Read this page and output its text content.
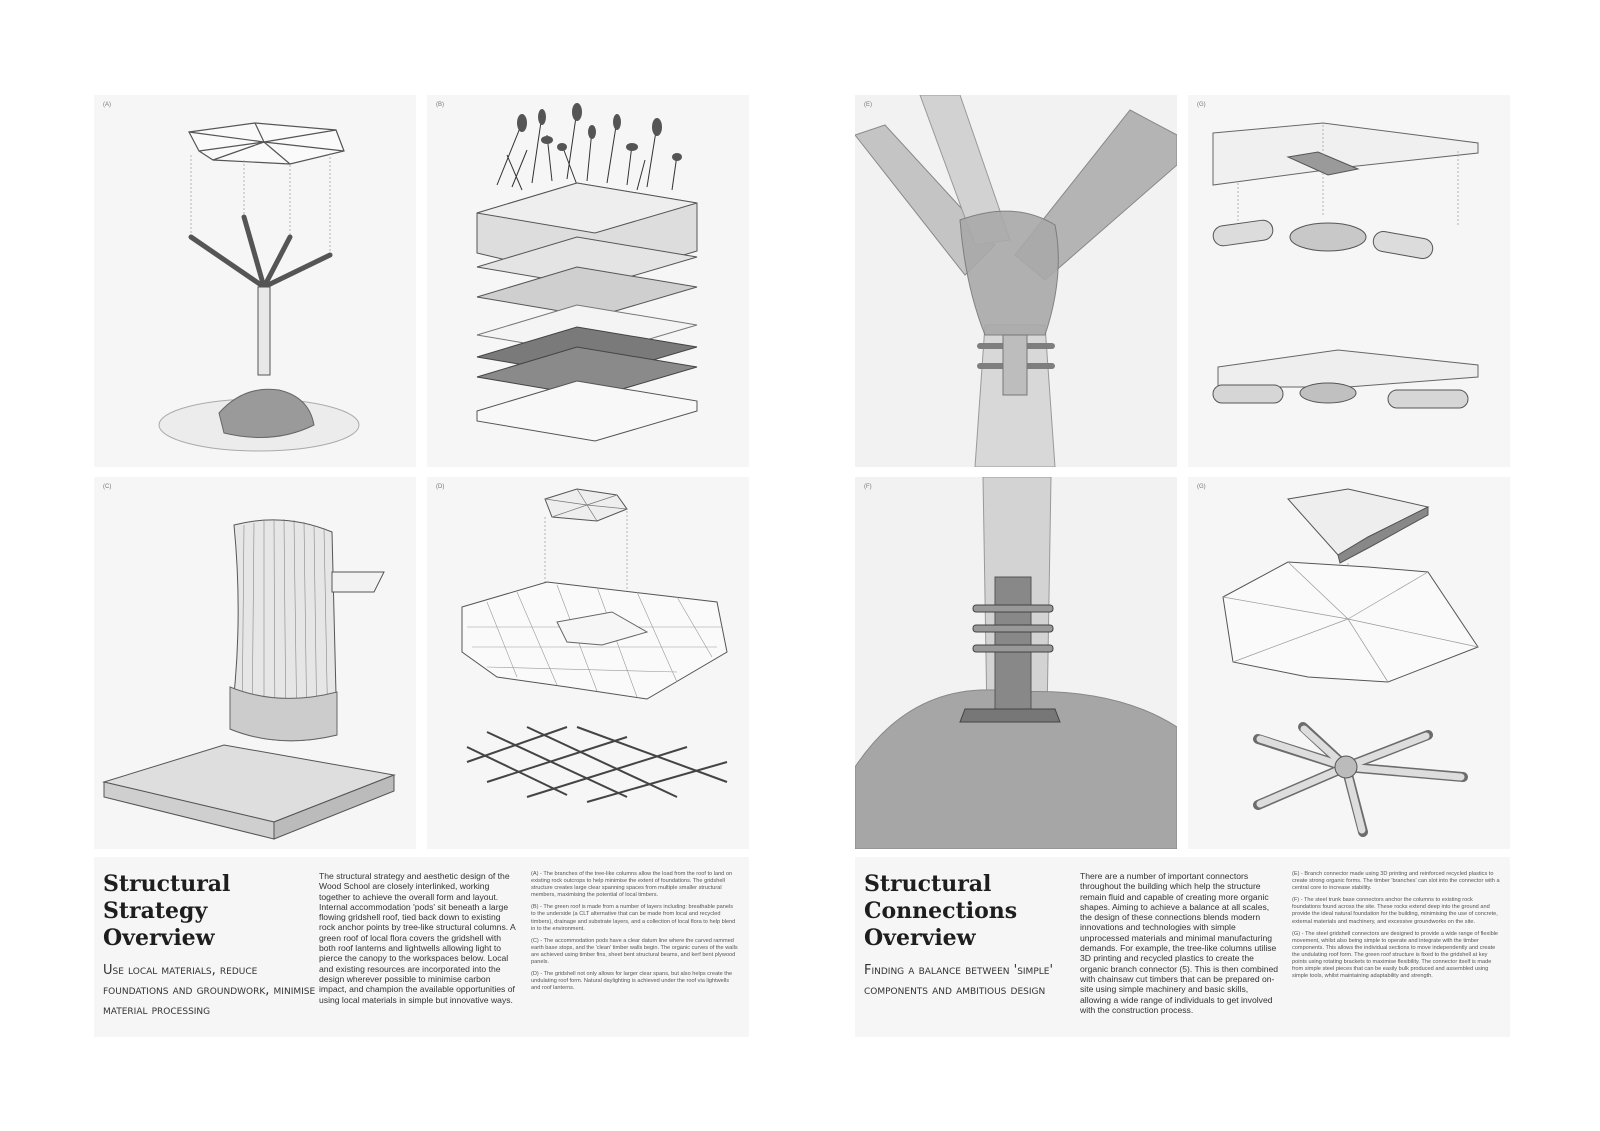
(A)	(B)
(C)	(D)
Structural Strategy Overview

Use local materials, reduce foundations and groundwork, minimise material processing

The structural strategy and aesthetic design of the Wood School are closely interlinked, working together to achieve the overall form and layout. Internal accommodation 'pods' sit beneath a large flowing gridshell roof, tied back down to existing rock anchor points by tree-like structural columns. A green roof of local flora covers the gridshell with both roof lanterns and lightwells allowing light to pierce the canopy to the workspaces below. Local and existing resources are incorporated into the design wherever possible to minimise carbon impact, and champion the available opportunities of using local materials in simple but innovative ways.

(A) - The branches of the tree-like columns allow the load from the roof to land on existing rock outcrops to help minimise the extent of foundations. The gridshell structure creates large clear spanning spaces from multiple smaller structural members, maximising the potential of local timbers.

(B) - The green roof is made from a number of layers including: breathable panels to the underside (a CLT alternative that can be made from local and recycled timbers), drainage and substrate layers, and a collection of local flora to help blend in to the environment.

(C) - The accommodation pods have a clear datum line where the carved rammed earth base stops, and the 'clean' timber walls begin. The organic curves of the walls are achieved using timber fins, sheet bent structural beams, and kerf bent plywood panels.

(D) - The gridshell not only allows for larger clear spans, but also helps create the undulating roof form. Natural daylighting is achieved under the roof via lightwells and roof lanterns.

(E)	(G)
(F)	(G)
Structural Connections Overview

Finding a balance between 'simple' components and ambitious design

There are a number of important connectors throughout the building which help the structure remain fluid and capable of creating more organic shapes. Aiming to achieve a balance at all scales, the design of these connections blends modern innovations and technologies with simple unprocessed materials and minimal manufacturing demands. For example, the tree-like columns utilise 3D printing and recycled plastics to create the organic branch connector (5). This is then combined with chainsaw cut timbers that can be prepared on-site using simple machinery and basic skills, allowing a wide range of individuals to get involved with the construction process.

(E) - Branch connector made using 3D printing and reinforced recycled plastics to create strong organic forms. The timber 'branches' can slot into the connector with a central core to increase stability.

(F) - The steel trunk base connectors anchor the columns to existing rock foundations found across the site. These rocks extend deep into the ground and provide the ideal natural foundation for the building, minimising the use of concrete, external materials and machinery, and excessive groundworks on the site.

(G) - The steel gridshell connectors are designed to provide a wide range of flexible movement, whilst also being simple to operate and integrate with the timber components. This allows the individual sections to move independently and create the undulating roof form. The green roof structure is fixed to the gridshell at key points using rotating brackets to maximise flexibility. The connector itself is made from simple steel pieces that can be easily bulk produced and assembled using simple tools, whilst maintaining adaptability and strength.
